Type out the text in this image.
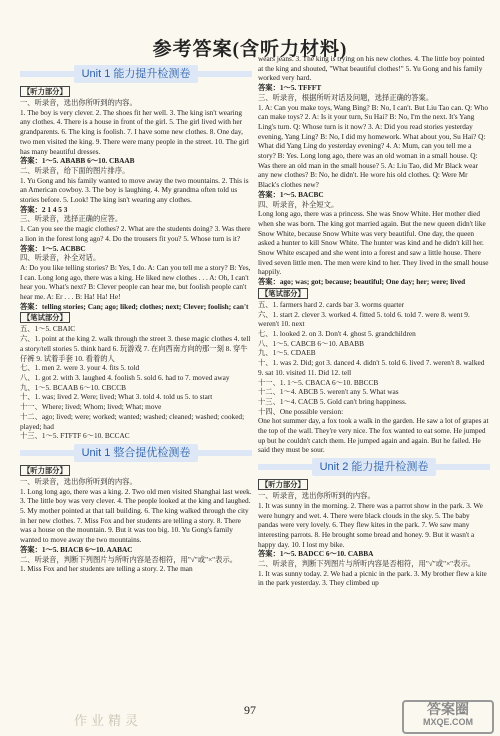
参考答案(含听力材料)
Unit 1 能力提升检测卷
【听力部分】

一、听录音，选出你所听到的内容。

1. The boy is very clever. 2. The shoes fit her well. 3. The king isn't wearing any clothes. 4. There is a house in front of the girl. 5. The girl lived with her grandparents. 6. The king is foolish. 7. I have some new clothes. 8. One day, two men visited the king. 9. There were many people in the street. 10. The girl has many beautiful dresses.

答案：1～5. ABABB 6～10. CBAAB

二、听录音，给下面的图片排序。

1. Yu Gong and his family wanted to move away the two mountains. 2. This is an American cowboy. 3. The boy is laughing. 4. My grandma often told us stories before. 5. Look! The king isn't wearing any clothes.

答案：2 1 4 5 3

三、听录音，选择正确的应答。

1. Can you see the magic clothes? 2. What are the students doing? 3. Was there a lion in the forest long ago? 4. Do the trousers fit you? 5. Whose turn is it?

答案：1～5. ACBBC

四、听录音，补全对话。

A: Do you like telling stories? B: Yes, I do. A: Can you tell me a story? B: Yes, I can. Long long ago, there was a king. He liked new clothes . . . A: Oh, I can't hear you. What's next? B: Clever people can hear me, but foolish people can't hear me. A: Er . . . B: Ha! Ha! He!

答案：telling stories; Can; ago; liked; clothes; next; Clever; foolish; can't

【笔试部分】

五、1～5. CBAIC

六、1. point at the king 2. walk through the street 3. these magic clothes 4. tell a story/tell stories 5. think hard 6. 玩游戏 7. 在向西南方向的那一刻 8. 穿牛仔裤 9. 试着手套 10. 看着的人

七、1. men 2. were 3. your 4. fits 5. told

八、1. got 2. with 3. laughed 4. foolish 5. sold 6. had to 7. moved away

九、1～5. BCAAB 6～10. CBCCB

十、1. was; lived 2. Were; lived; What 3. told 4. told us 5. to start

十一、Where; lived; Whom; lived; What; move

十二、ago; lived; were; worked; wanted; washed; cleaned; washed; cooked; played; had

十三、1～5. FTFTF 6～10. BCCAC

Unit 1 整合提优检测卷
【听力部分】

一、听录音，选出你所听到的内容。

1. Long long ago, there was a king. 2. Two old men visited Shanghai last week. 3. The little boy was very clever. 4. The people looked at the king and laughed. 5. My mother pointed at that tall building. 6. The king walked through the city in her new clothes. 7. Miss Fox and her students are telling a story. 8. There was a house on the mountain. 9. But it was too big. 10. Yu Gong's family wanted to move away the two mountains.

答案：1～5. BIACB 6～10. AABAC

二、听录音，判断下列图片与所听内容是否相符，用"√"或"×"表示。

1. Miss Fox and her students are telling a story. 2. The man

wears jeans. 3. The king is trying on his new clothes. 4. The little boy pointed at the king and shouted, "What beautiful clothes!" 5. Yu Gong and his family worked very hard.

答案：1～5. TFFFT

三、听录音，根据所听对话及问题，选择正确的答案。

1. A: Can you make toys, Wang Bing? B: No, I can't. But Liu Tao can. Q: Who can make toys? 2. A: Is it your turn, Su Hai? B: No, I'm the next. It's Yang Ling's turn. Q: Whose turn is it now? 3. A: Did you read stories yesterday evening, Yang Ling? B: No, I did my homework. What about you, Su Hai? Q: What did Yang Ling do yesterday evening? 4. A: Mum, can you tell me a story? B: Yes. Long long ago, there was an old woman in a small house. Q: Was there an old man in the small house? 5. A: Liu Tao, did Mr Black wear any new clothes? B: No, he didn't. He wore his old clothes. Q: Were Mr Black's clothes new?

答案：1～5. BACBC

四、听录音，补全短文。

Long long ago, there was a princess. She was Snow White. Her mother died when she was born. The king got married again. But the new queen didn't like Snow White, because Snow White was very beautiful. One day, the queen asked a hunter to kill Snow White. The hunter was kind and he didn't kill her. Snow White escaped and she went into a forest and saw a little house. There lived seven little men. The men were kind to her. They lived in the small house happily.

答案：ago; was; got; because; beautiful; One day; her; were; lived

【笔试部分】

五、1. farmers hard 2. cards bar 3. worms quarter

六、1. start 2. clever 3. worked 4. fitted 5. told 6. told 7. were 8. went 9. weren't 10. next

七、1. looked 2. on 3. Don't 4. ghost 5. grandchildren

八、1～5. CABCB 6～10. ABABB

九、1～5. CDAEB

十、1. was 2. Did; got 3. danced 4. didn't 5. told 6. lived 7. weren't 8. walked 9. sat 10. visited 11. Did 12. tell

十一、1. 1～5. CBACA 6～10. BBCCB

十二、1～4. ABCB 5. weren't any 5. What was

十三、1～4. CACB 5. Gold can't bring happiness.

十四、One possible version:

One hot summer day, a fox took a walk in the garden. He saw a lot of grapes at the top of the wall. They're very nice. The fox wanted to eat some. He jumped up but he couldn't catch them. He jumped again and again. But he failed. He said they must be sour.

Unit 2 能力提升检测卷
【听力部分】

一、听录音，选出你所听到的内容。

1. It was sunny in the morning. 2. There was a parrot show in the park. 3. We were hungry and wet. 4. There were black clouds in the sky. 5. The baby pandas were very lovely. 6. They flew kites in the park. 7. We saw many interesting parrots. 8. He brought some bread and honey. 9. But it wasn't a happy day. 10. I lost my bike.

答案：1～5. BADCC 6～10. CABBA

二、听录音，判断下列图片与所听内容是否相符，用"√"或"×"表示。

1. It was sunny today. 2. We had a picnic in the park. 3. My brother flew a kite in the park yesterday. 3. They climbed up

作业精灵
97	答案圈
MXQE.COM
